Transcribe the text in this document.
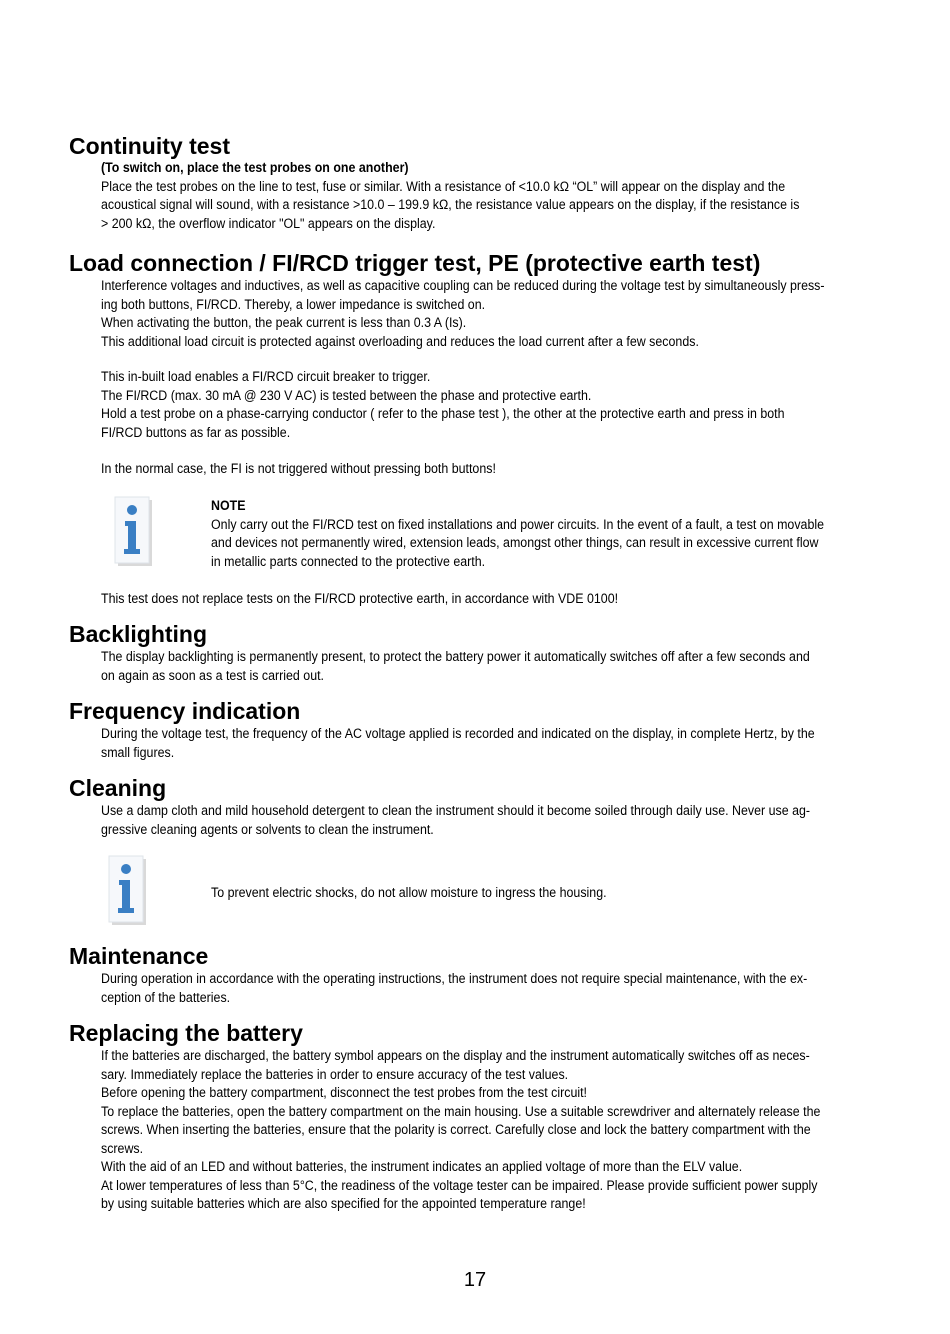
Continuity test
(To switch on, place the test probes on one another)
Place the test probes on the line to test, fuse or similar. With a resistance of <10.0 kΩ “OL” will appear on the display and the
acoustical signal will sound, with a resistance >10.0 – 199.9 kΩ, the resistance value appears on the display, if the resistance is
> 200 kΩ, the overflow indicator "OL" appears on the display.
Load connection / FI/RCD trigger test, PE (protective earth test)
Interference voltages and inductives, as well as capacitive coupling can be reduced during the voltage test by simultaneously press-
ing both buttons, FI/RCD. Thereby, a lower impedance is switched on.
When activating the button, the peak current is less than 0.3 A (Is).
This additional load circuit is protected against overloading and reduces the load current after a few seconds.
This in-built load enables a FI/RCD circuit breaker to trigger.
The FI/RCD (max. 30 mA @ 230 V AC) is tested between the phase and protective earth.
Hold a test probe on a phase-carrying conductor ( refer to the phase test ), the other at the protective earth and press in both
FI/RCD buttons as far as possible.
In the normal case, the FI is not triggered without pressing both buttons!
NOTE
Only carry out the FI/RCD test on fixed installations and power circuits. In the event of a fault, a test on movable
and devices not permanently wired, extension leads, amongst other things, can result in excessive current flow
in metallic parts connected to the protective earth.
This test does not replace tests on the FI/RCD protective earth, in accordance with VDE 0100!
Backlighting
The display backlighting is permanently present, to protect the battery power it automatically switches off after a few seconds and
on again as soon as a test is carried out.
Frequency indication
During the voltage test, the frequency of the AC voltage applied is recorded and indicated on the display, in complete Hertz, by the
small figures.
Cleaning
Use a damp cloth and mild household detergent to clean the instrument should it become soiled through daily use. Never use ag-
gressive cleaning agents or solvents to clean the instrument.
To prevent electric shocks, do not allow moisture to ingress the housing.
Maintenance
During operation in accordance with the operating instructions, the instrument does not require special maintenance, with the ex-
ception of the batteries.
Replacing the battery
If the batteries are discharged, the battery symbol appears on the display and the instrument automatically switches off as neces-
sary. Immediately replace the batteries in order to ensure accuracy of the test values.
Before opening the battery compartment, disconnect the test probes from the test circuit!
To replace the batteries, open the battery compartment on the main housing. Use a suitable screwdriver and alternately release the
screws. When inserting the batteries, ensure that the polarity is correct. Carefully close and lock the battery compartment with the
screws.
With the aid of an LED and without batteries, the instrument indicates an applied voltage of more than the ELV value.
At lower temperatures of less than 5°C, the readiness of the voltage tester can be impaired. Please provide sufficient power supply
by using suitable batteries which are also specified for the appointed temperature range!
17
